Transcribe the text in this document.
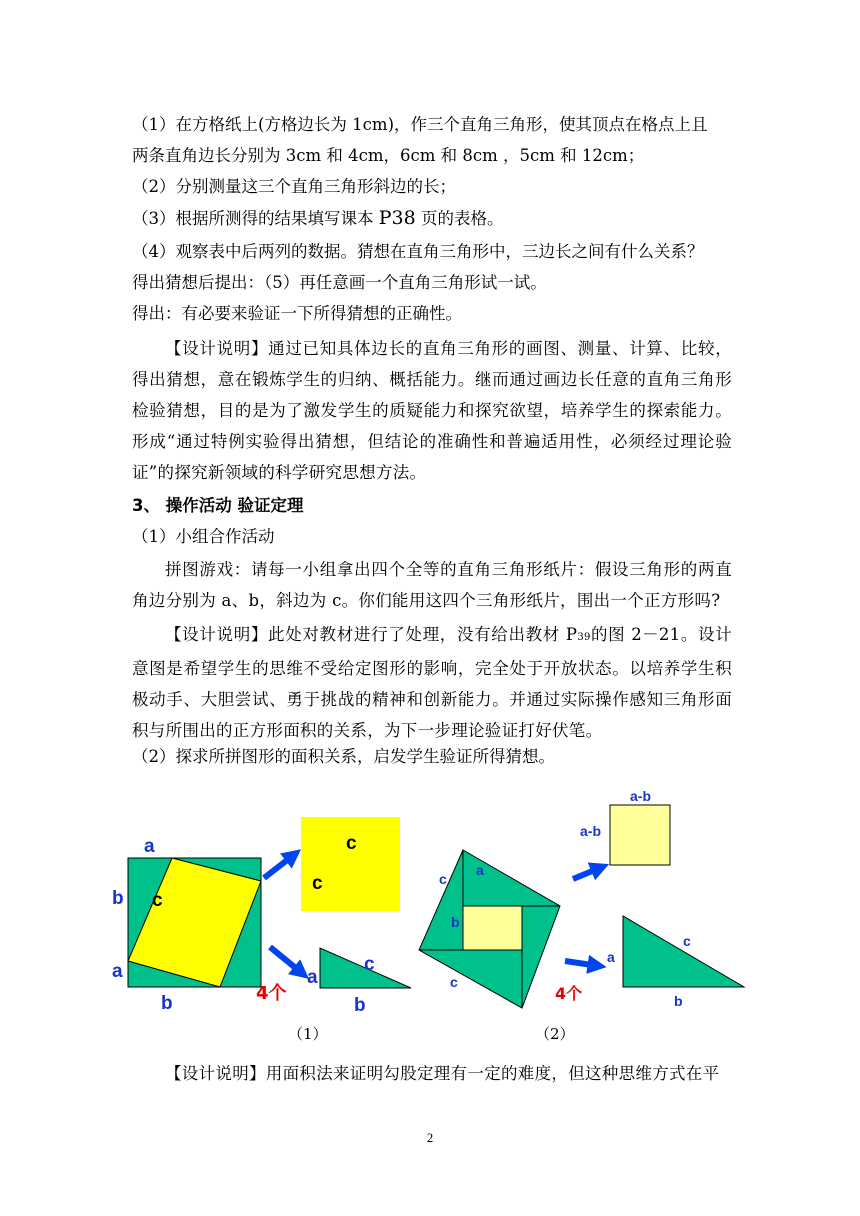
（1）在方格纸上(方格边长为 1cm)，作三个直角三角形，使其顶点在格点上且
两条直角边长分别为 3cm 和 4cm，6cm 和 8cm ，5cm 和 12cm；
（2）分别测量这三个直角三角形斜边的长；
（3）根据所测得的结果填写课本 P38 页的表格。
（4）观察表中后两列的数据。猜想在直角三角形中，三边长之间有什么关系？
得出猜想后提出：（5）再任意画一个直角三角形试一试。
得出：有必要来验证一下所得猜想的正确性。
【设计说明】通过已知具体边长的直角三角形的画图、测量、计算、比较，得出猜想，意在锻炼学生的归纳、概括能力。继而通过画边长任意的直角三角形检验猜想，目的是为了激发学生的质疑能力和探究欲望，培养学生的探索能力。形成“通过特例实验得出猜想，但结论的准确性和普遍适用性，必须经过理论验证”的探究新领域的科学研究思想方法。
3、 操作活动 验证定理
（1）小组合作活动
拼图游戏：请每一小组拿出四个全等的直角三角形纸片：假设三角形的两直角边分别为 a、b，斜边为 c。你们能用这四个三角形纸片，围出一个正方形吗?
【设计说明】此处对教材进行了处理，没有给出教材 P39的图 2－21。设计意图是希望学生的思维不受给定图形的影响，完全处于开放状态。以培养学生积极动手、大胆尝试、勇于挑战的精神和创新能力。并通过实际操作感知三角形面积与所围出的正方形面积的关系，为下一步理论验证打好伏笔。
（2）探求所拼图形的面积关系，启发学生验证所得猜想。
a
b c
a
b
c
c
a
c
b
4个
（1）
c
a
b
c
a-b
a-b
a
c
b
4个
（2）
【设计说明】用面积法来证明勾股定理有一定的难度，但这种思维方式在平
2
